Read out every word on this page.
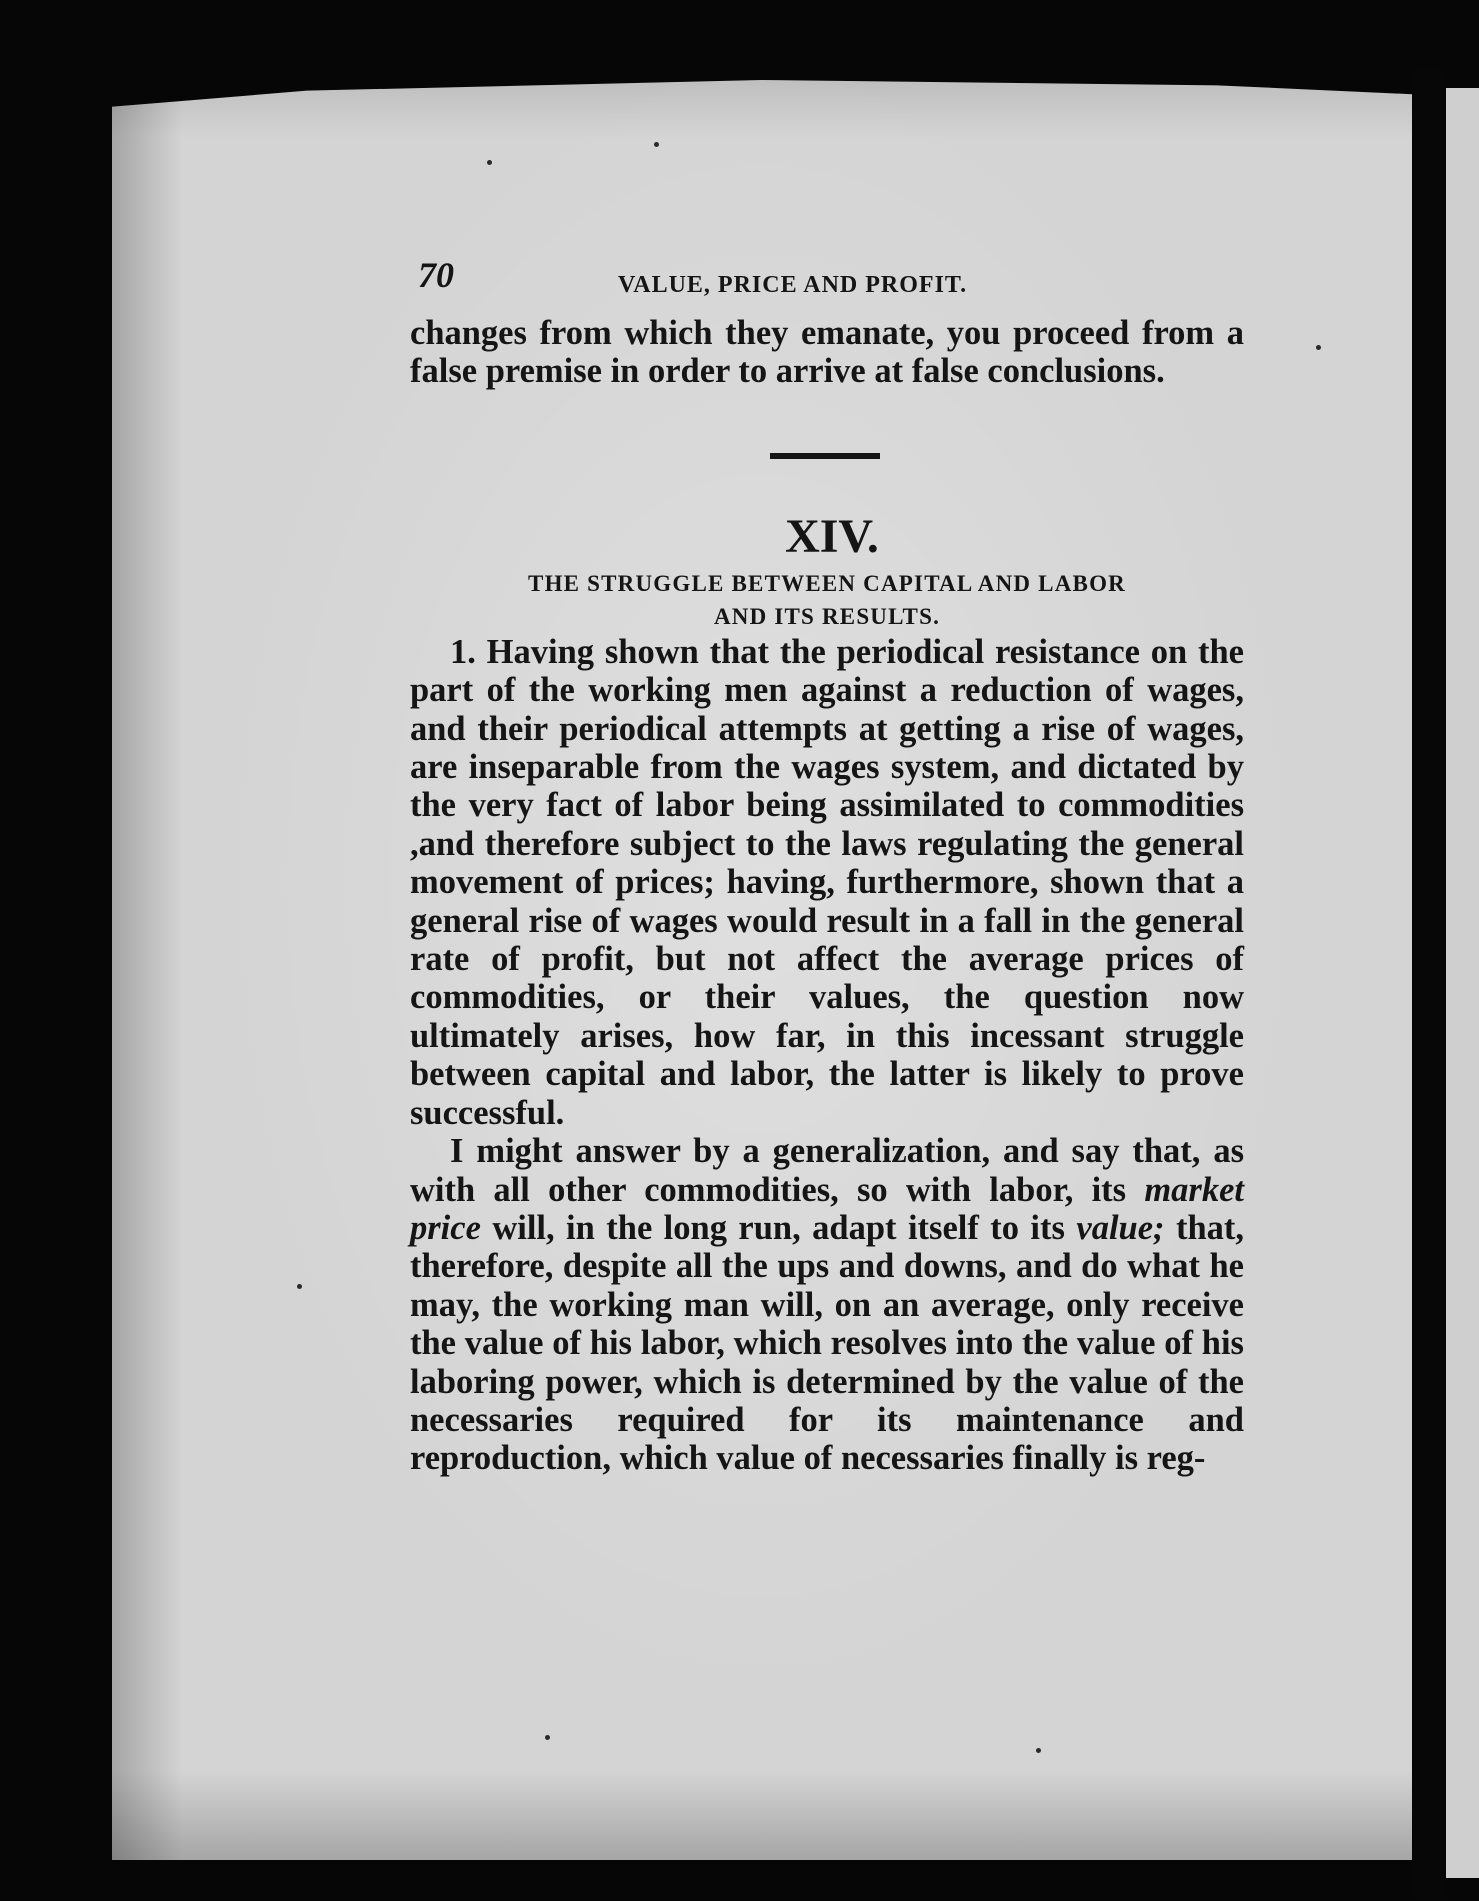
70	VALUE, PRICE AND PROFIT.

changes from which they emanate, you proceed from a false premise in order to arrive at false conclusions.

XIV.
THE STRUGGLE BETWEEN CAPITAL AND LABOR
AND ITS RESULTS.

1. Having shown that the periodical resistance on the part of the working men against a reduction of wages, and their periodical attempts at getting a rise of wages, are inseparable from the wages system, and dictated by the very fact of labor being assimilated to commodities ,and therefore subject to the laws regulating the general movement of prices; having, furthermore, shown that a general rise of wages would result in a fall in the general rate of profit, but not affect the average prices of commodities, or their values, the question now ultimately arises, how far, in this incessant struggle between capital and labor, the latter is likely to prove successful.

I might answer by a generalization, and say that, as with all other commodities, so with labor, its market price will, in the long run, adapt itself to its value; that, therefore, despite all the ups and downs, and do what he may, the working man will, on an average, only receive the value of his labor, which resolves into the value of his laboring power, which is determined by the value of the necessaries required for its maintenance and reproduction, which value of necessaries finally is reg-
